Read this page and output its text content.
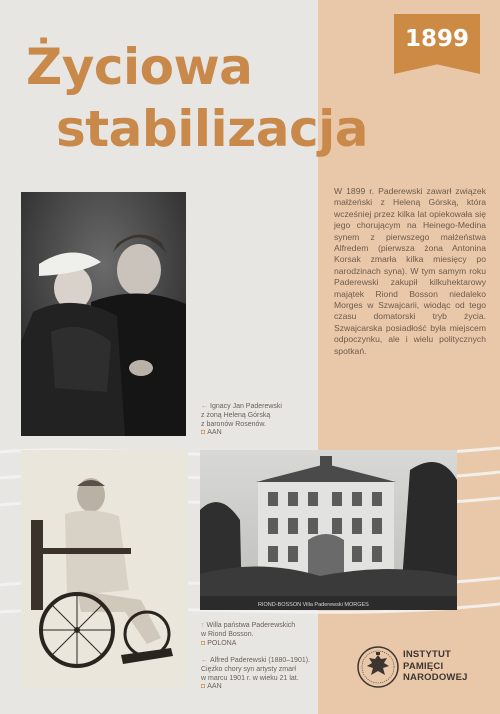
1899
Życiowa
stabilizacja
W 1899 r. Paderewski zawarł związek małżeński z Heleną Górską, która wcześniej przez kilka lat opiekowała się jego chorującym na Heinego-Medina synem z pierwszego małżeństwa Alfredem (pierwsza żona Antonina Korsak zmarła kilka miesięcy po narodzinach syna). W tym samym roku Paderewski zakupił kilkuhektarowy majątek Riond Bosson niedaleko Morges w Szwajcarii, wiodąc od tego czasu domatorski tryb życia. Szwajcarska posiadłość była miejscem odpoczynku, ale i wielu politycznych spotkań.
RIOND-BOSSON Villa Paderewski MORGES
← Ignacy Jan Paderewski
z żoną Heleną Górską
z baronów Rosenów.
◘ AAN
↑ Willa państwa Paderewskich
w Riond Bosson.
◘ POLONA
← Alfred Paderewski (1880–1901).
Ciężko chory syn artysty zmarł
w marcu 1901 r. w wieku 21 lat.
◘ AAN
INSTYTUT
PAMIĘCI
NARODOWEJ
